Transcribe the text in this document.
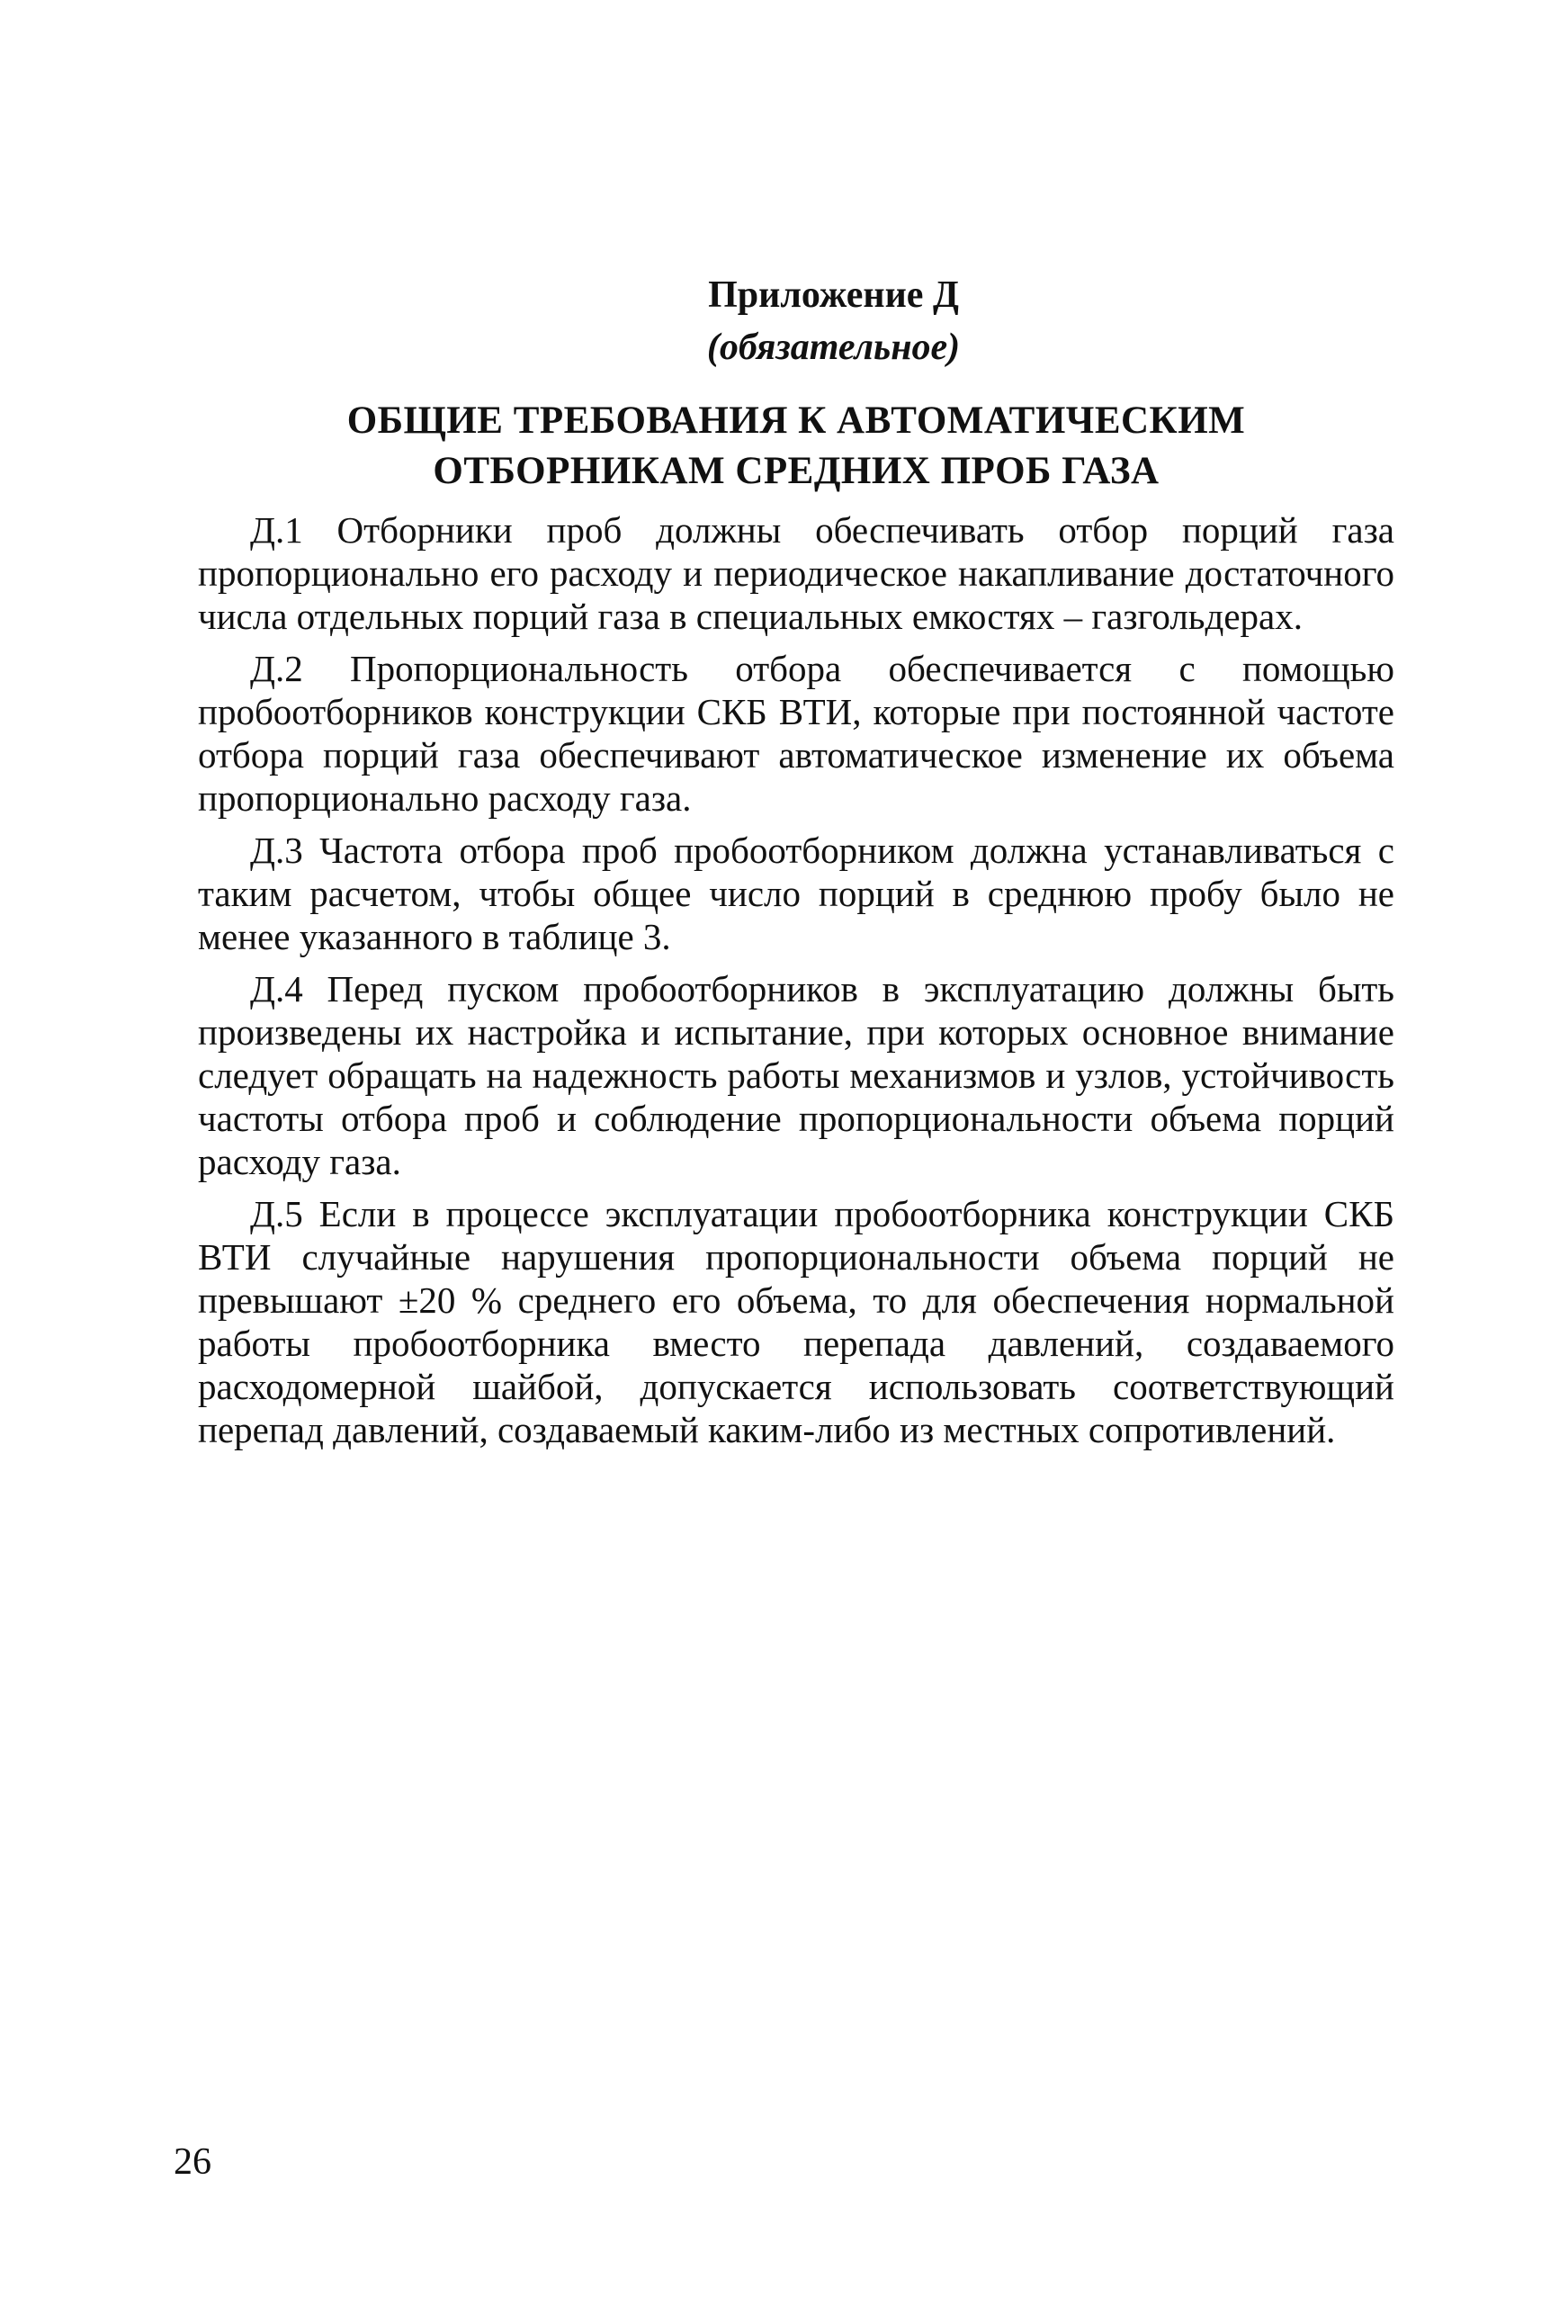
Приложение Д
(обязательное)
ОБЩИЕ ТРЕБОВАНИЯ К АВТОМАТИЧЕСКИМ
ОТБОРНИКАМ СРЕДНИХ ПРОБ ГАЗА

Д.1 Отборники проб должны обеспечивать отбор порций газа пропорционально его расходу и периодическое накапливание достаточного числа отдельных порций газа в специальных емкостях – газгольдерах.

Д.2 Пропорциональность отбора обеспечивается с помощью пробоотборников конструкции СКБ ВТИ, которые при постоянной частоте отбора порций газа обеспечивают автоматическое изменение их объема пропорционально расходу газа.

Д.3 Частота отбора проб пробоотборником должна устанавливаться с таким расчетом, чтобы общее число порций в среднюю пробу было не менее указанного в таблице 3.

Д.4 Перед пуском пробоотборников в эксплуатацию должны быть произведены их настройка и испытание, при которых основное внимание следует обращать на надежность работы механизмов и узлов, устойчивость частоты отбора проб и соблюдение пропорциональности объема порций расходу газа.

Д.5 Если в процессе эксплуатации пробоотборника конструкции СКБ ВТИ случайные нарушения пропорциональности объема порций не превышают ±20 % среднего его объема, то для обеспечения нормальной работы пробоотборника вместо перепада давлений, создаваемого расходомерной шайбой, допускается использовать соответствующий перепад давлений, создаваемый каким-либо из местных сопротивлений.

26
